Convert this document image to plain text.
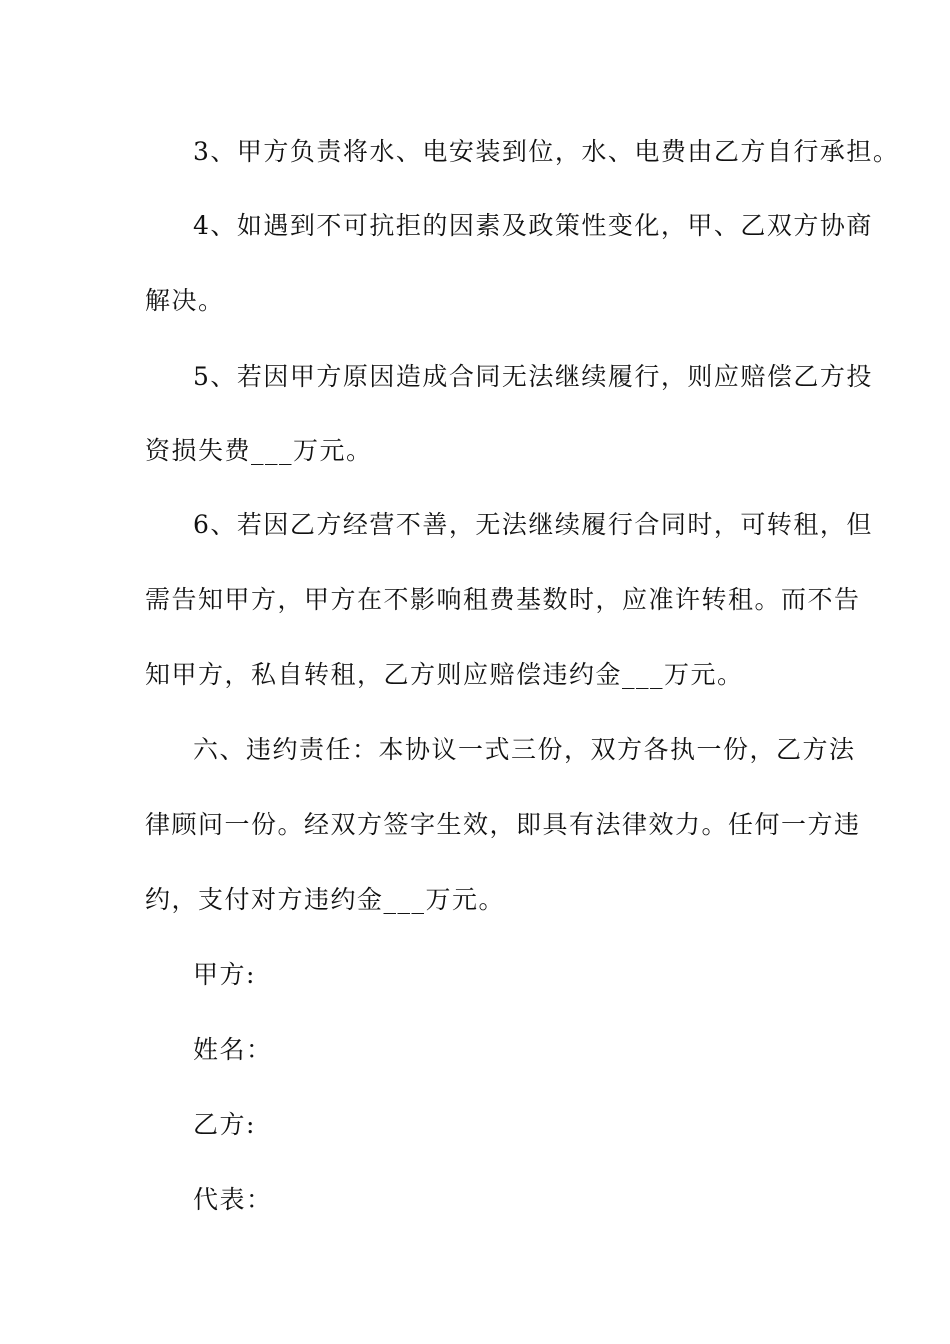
3、甲方负责将水、电安装到位，水、电费由乙方自行承担。
4、如遇到不可抗拒的因素及政策性变化，甲、乙双方协商
解决。
5、若因甲方原因造成合同无法继续履行，则应赔偿乙方投
资损失费___万元。
6、若因乙方经营不善，无法继续履行合同时，可转租，但
需告知甲方，甲方在不影响租费基数时，应准许转租。而不告
知甲方，私自转租，乙方则应赔偿违约金___万元。
六、违约责任：本协议一式三份，双方各执一份，乙方法
律顾问一份。经双方签字生效，即具有法律效力。任何一方违
约，支付对方违约金___万元。
甲方:
姓名：
乙方:
代表：
